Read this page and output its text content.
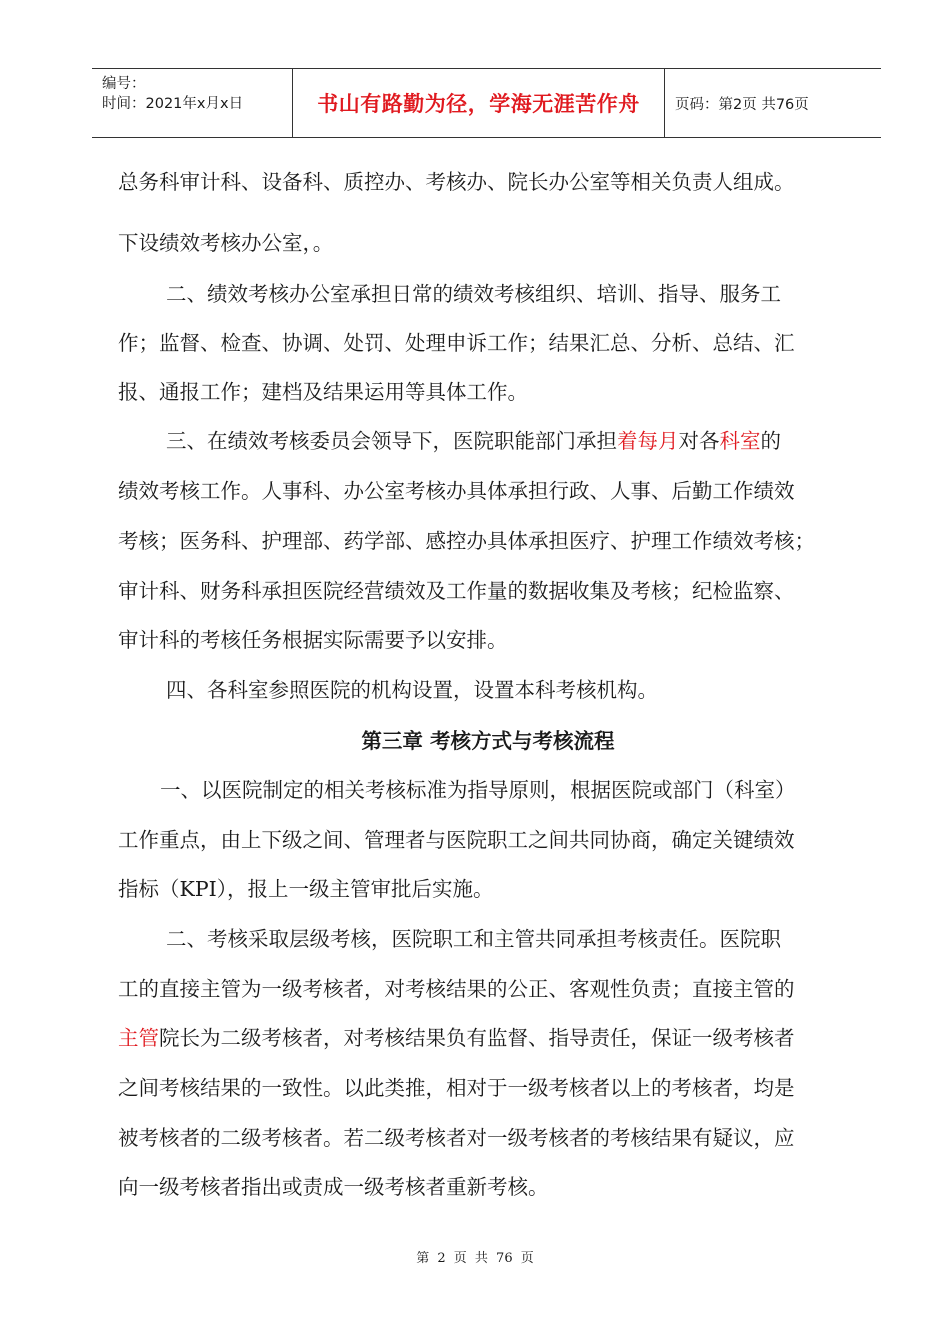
编号：
时间：2021年x月x日	书山有路勤为径，学海无涯苦作舟 页码：第2页 共76页
总务科审计科、设备科、质控办、考核办、院长办公室等相关负责人组成。
下设绩效考核办公室，。
二、绩效考核办公室承担日常的绩效考核组织、培训、指导、服务工
作；监督、检查、协调、处罚、处理申诉工作；结果汇总、分析、总结、汇
报、通报工作；建档及结果运用等具体工作。
三、在绩效考核委员会领导下，医院职能部门承担着每月对各科室的
绩效考核工作。人事科、办公室考核办具体承担行政、人事、后勤工作绩效
考核；医务科、护理部、药学部、感控办具体承担医疗、护理工作绩效考核；
审计科、财务科承担医院经营绩效及工作量的数据收集及考核；纪检监察、
审计科的考核任务根据实际需要予以安排。
四、各科室参照医院的机构设置，设置本科考核机构。
第三章 考核方式与考核流程
一、以医院制定的相关考核标准为指导原则，根据医院或部门（科室）
工作重点，由上下级之间、管理者与医院职工之间共同协商，确定关键绩效
指标（KPI），报上一级主管审批后实施。
二、考核采取层级考核，医院职工和主管共同承担考核责任。医院职
工的直接主管为一级考核者，对考核结果的公正、客观性负责；直接主管的
主管院长为二级考核者，对考核结果负有监督、指导责任，保证一级考核者
之间考核结果的一致性。以此类推，相对于一级考核者以上的考核者，均是
被考核者的二级考核者。若二级考核者对一级考核者的考核结果有疑议，应
向一级考核者指出或责成一级考核者重新考核。
第 2 页 共 76 页
